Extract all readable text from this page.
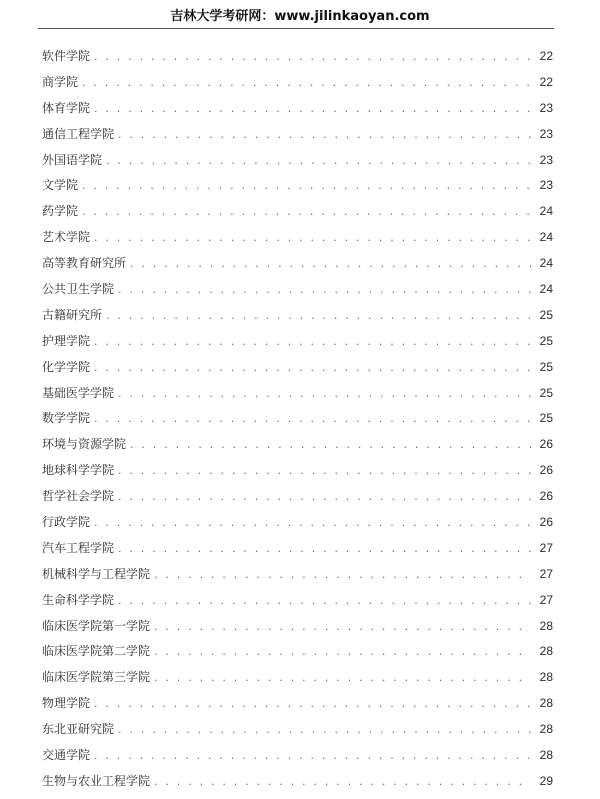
吉林大学考研网：www.jilinkaoyan.com
软件学院 . . .	22
商学院 . . .	22
体育学院 . . .	23
通信工程学院 . . .	23
外国语学院 . . .	23
文学院 . . .	23
药学院 . . .	24
艺术学院 . . .	24
高等教育研究所 . . .	24
公共卫生学院 . . .	24
古籍研究所 . . .	25
护理学院 . . .	25
化学学院 . . .	25
基础医学学院 . . .	25
数学学院 . . .	25
环境与资源学院 . . .	26
地球科学学院 . . .	26
哲学社会学院 . . .	26
行政学院 . . .	26
汽车工程学院 . . .	27
机械科学与工程学院 . . .	27
生命科学学院 . . .	27
临床医学院第一学院 . . .	28
临床医学院第二学院 . . .	28
临床医学院第三学院 . . .	28
物理学院 . . .	28
东北亚研究院 . . .	28
交通学院 . . .	28
生物与农业工程学院 . . .	29
